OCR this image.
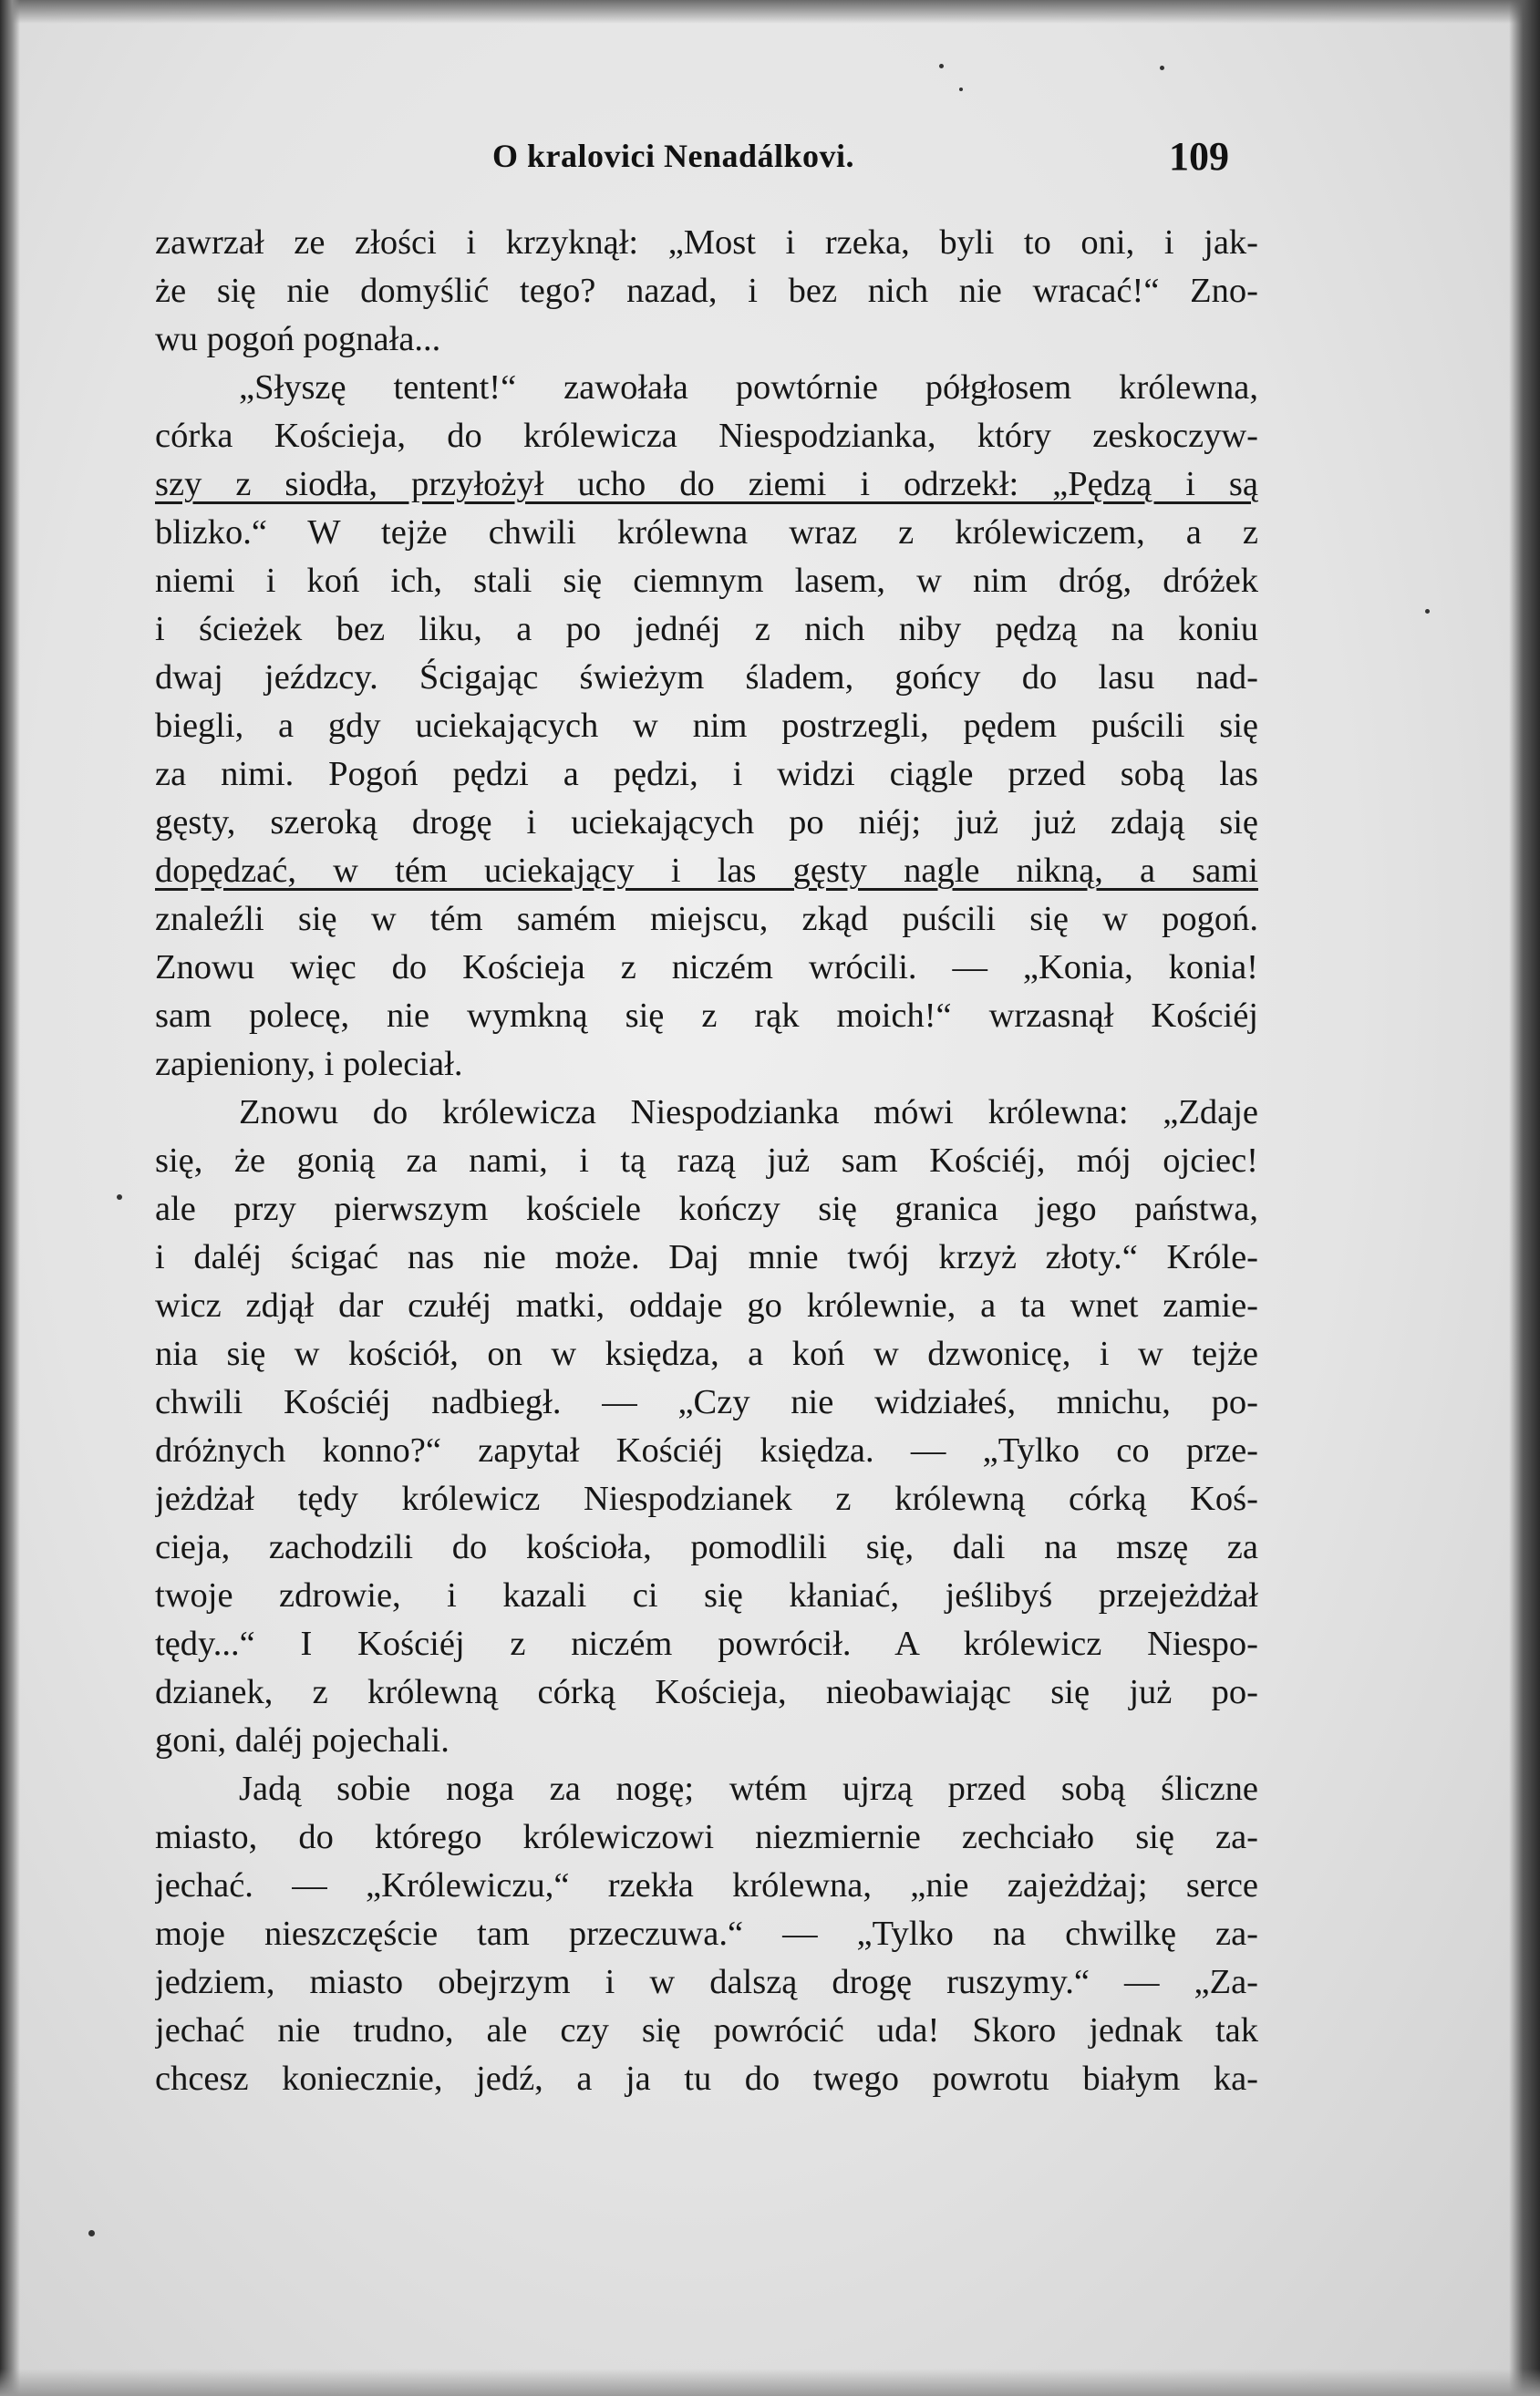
O kralovici Nenadálkovi.	109
zawrzał ze złości i krzyknął: „Most i rzeka, byli to oni, i jak-
że się nie domyślić tego? nazad, i bez nich nie wracać!“ Zno-
wu pogoń pognała...
„Słyszę tentent!“ zawołała powtórnie półgłosem królewna,
córka Kościeja, do królewicza Niespodzianka, który zeskoczyw-
szy z siodła, przyłożył ucho do ziemi i odrzekł: „Pędzą i są
blizko.“ W tejże chwili królewna wraz z królewiczem, a z
niemi i koń ich, stali się ciemnym lasem, w nim dróg, dróżek
i ścieżek bez liku, a po jednéj z nich niby pędzą na koniu
dwaj jeźdzcy. Ścigając świeżym śladem, gońcy do lasu nad-
biegli, a gdy uciekających w nim postrzegli, pędem puścili się
za nimi. Pogoń pędzi a pędzi, i widzi ciągle przed sobą las
gęsty, szeroką drogę i uciekających po niéj; już już zdają się
dopędzać, w tém uciekający i las gęsty nagle nikną, a sami
znaleźli się w tém samém miejscu, zkąd puścili się w pogoń.
Znowu więc do Kościeja z niczém wrócili. — „Konia, konia!
sam polecę, nie wymkną się z rąk moich!“ wrzasnął Kościéj
zapieniony, i poleciał.
Znowu do królewicza Niespodzianka mówi królewna: „Zdaje
się, że gonią za nami, i tą razą już sam Kościéj, mój ojciec!
ale przy pierwszym kościele kończy się granica jego państwa,
i daléj ścigać nas nie może. Daj mnie twój krzyż złoty.“ Króle-
wicz zdjął dar czułéj matki, oddaje go królewnie, a ta wnet zamie-
nia się w kościół, on w księdza, a koń w dzwonicę, i w tejże
chwili Kościéj nadbiegł. — „Czy nie widziałeś, mnichu, po-
dróżnych konno?“ zapytał Kościéj księdza. — „Tylko co prze-
jeżdżał tędy królewicz Niespodzianek z królewną córką Koś-
cieja, zachodzili do kościoła, pomodlili się, dali na mszę za
twoje zdrowie, i kazali ci się kłaniać, jeślibyś przejeżdżał
tędy...“ I Kościéj z niczém powrócił. A królewicz Niespo-
dzianek, z królewną córką Kościeja, nieobawiając się już po-
goni, daléj pojechali.
Jadą sobie noga za nogę; wtém ujrzą przed sobą śliczne
miasto, do którego królewiczowi niezmiernie zechciało się za-
jechać. — „Królewiczu,“ rzekła królewna, „nie zajeżdżaj; serce
moje nieszczęście tam przeczuwa.“ — „Tylko na chwilkę za-
jedziem, miasto obejrzym i w dalszą drogę ruszymy.“ — „Za-
jechać nie trudno, ale czy się powrócić uda! Skoro jednak tak
chcesz koniecznie, jedź, a ja tu do twego powrotu białym ka-
